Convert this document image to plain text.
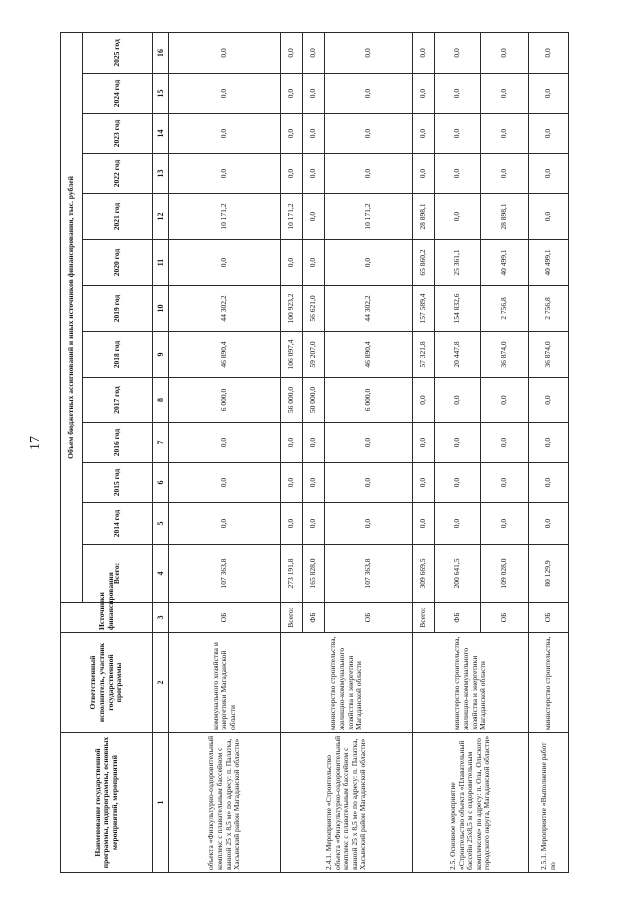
17
Наименование государственной программы, подпрограммы, основных мероприятий, мероприятий	Ответственный исполнитель, участник государственной программы	Источники финансирования	Объем бюджетных ассигнований и иных источников финансирования, тыс. рублей												
			Всего:	2014 год	2015 год	2016 год	2017 год	2018 год	2019 год	2020 год	2021 год	2022 год	2023 год	2024 год	2025 год
1	2	3	4	5	6	7	8	9	10	11	12	13	14	15	16
объекта «Физкультурно-оздоровительный комплекс с плавательным бассейном с ванной 25 х 8,5 м» по адресу: п. Палатка, Хасынский район Магаданской области»	коммунального хозяйства и энергетики Магаданской области	ОБ	107 363,8	0,0	0,0	0,0	6 000,0	46 890,4	44 302,2	0,0	10 171,2	0,0	0,0	0,0	0,0
2.4.1. Мероприятие «Строительство объекта «Физкультурно-оздоровительный комплекс с плавательным бассейном с ванной 25 х 8,5 м» по адресу: п. Палатка, Хасынский район Магаданской области»	министерство строительства, жилищно-коммунального хозяйства и энергетики Магаданской области	Всего:	273 191,8	0,0	0,0	0,0	56 000,0	106 097,4	100 923,2	0,0	10 171,2	0,0	0,0	0,0	0,0
		ФБ	165 828,0	0,0	0,0	0,0	50 000,0	59 207,0	56 621,0	0,0	0,0	0,0	0,0	0,0	0,0
		ОБ	107 363,8	0,0	0,0	0,0	6 000,0	46 890,4	44 302,2	0,0	10 171,2	0,0	0,0	0,0	0,0
2.5. Основное мероприятие «Строительство объекта «Плавательный бассейн 25х8,5 м с оздоровительным комплексом» по адресу: п. Ола, Ольского городского округа, Магаданской области»	министерство строительства, жилищно-коммунального хозяйства и энергетики Магаданской области	Всего:	309 669,5	0,0	0,0	0,0	0,0	57 321,8	157 589,4	65 860,2	28 898,1	0,0	0,0	0,0	0,0
		ФБ	200 641,5	0,0	0,0	0,0	0,0	20 447,8	154 832,6	25 361,1	0,0	0,0	0,0	0,0	0,0
		ОБ	109 028,0	0,0	0,0	0,0	0,0	36 874,0	2 756,8	40 499,1	28 898,1	0,0	0,0	0,0	0,0
2.5.1. Мероприятие «Выполнение работ по	министерство строительства,	ОБ	80 129,9	0,0	0,0	0,0	0,0	36 874,0	2 756,8	40 499,1	0,0	0,0	0,0	0,0	0,0
